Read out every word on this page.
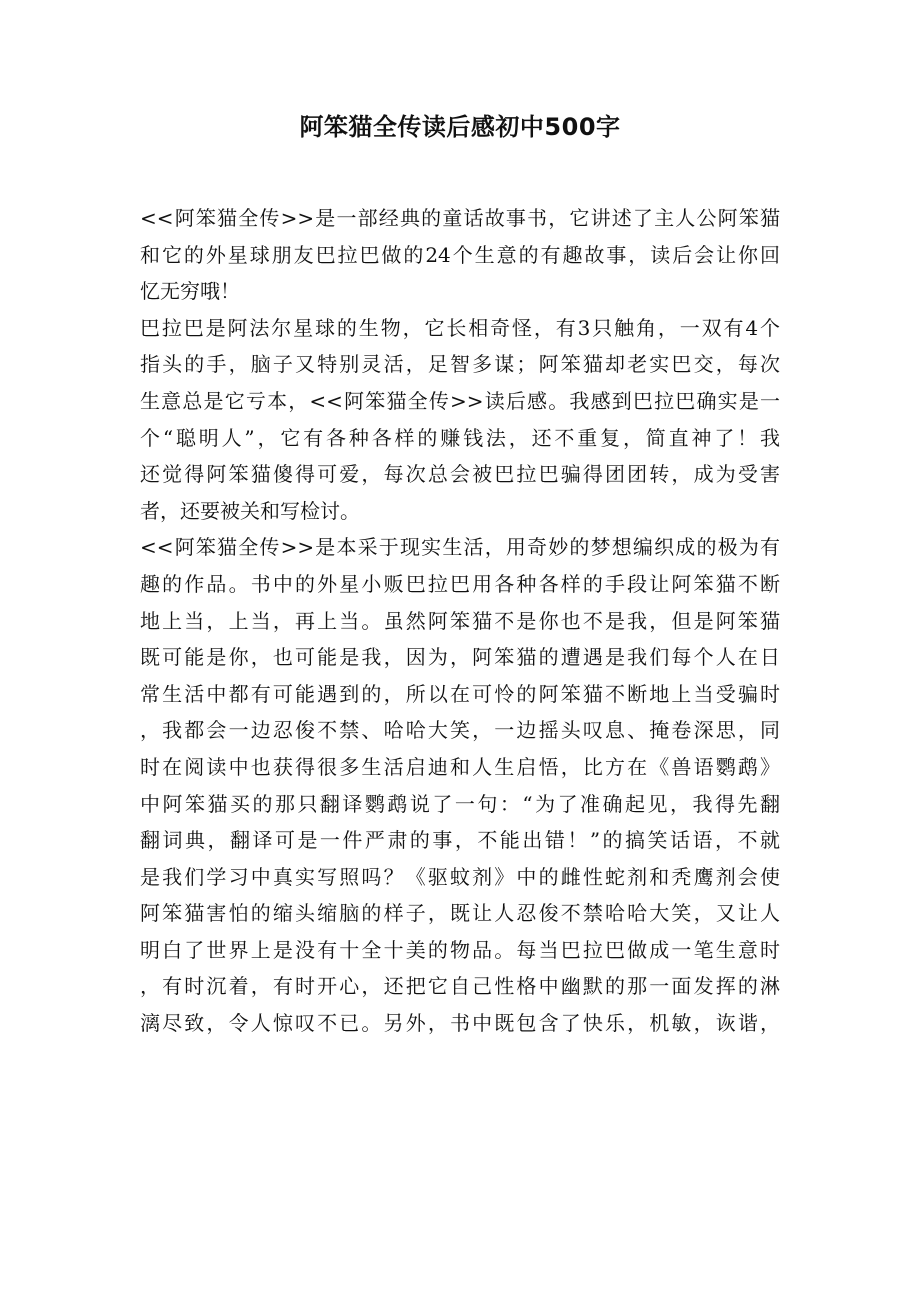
阿笨猫全传读后感初中500字
<<阿笨猫全传>>是一部经典的童话故事书，它讲述了主人公阿笨猫
和它的外星球朋友巴拉巴做的24个生意的有趣故事，读后会让你回
忆无穷哦！
巴拉巴是阿法尔星球的生物，它长相奇怪，有3只触角，一双有4个
指头的手，脑子又特别灵活，足智多谋；阿笨猫却老实巴交，每次
生意总是它亏本，<<阿笨猫全传>>读后感。我感到巴拉巴确实是一
个“聪明人”，它有各种各样的赚钱法，还不重复，简直神了！我
还觉得阿笨猫傻得可爱，每次总会被巴拉巴骗得团团转，成为受害
者，还要被关和写检讨。
<<阿笨猫全传>>是本采于现实生活，用奇妙的梦想编织成的极为有
趣的作品。书中的外星小贩巴拉巴用各种各样的手段让阿笨猫不断
地上当，上当，再上当。虽然阿笨猫不是你也不是我，但是阿笨猫
既可能是你，也可能是我，因为，阿笨猫的遭遇是我们每个人在日
常生活中都有可能遇到的，所以在可怜的阿笨猫不断地上当受骗时
，我都会一边忍俊不禁、哈哈大笑，一边摇头叹息、掩卷深思，同
时在阅读中也获得很多生活启迪和人生启悟，比方在《兽语鹦鹉》
中阿笨猫买的那只翻译鹦鹉说了一句：“为了准确起见，我得先翻
翻词典，翻译可是一件严肃的事，不能出错！”的搞笑话语，不就
是我们学习中真实写照吗？《驱蚊剂》中的雌性蛇剂和秃鹰剂会使
阿笨猫害怕的缩头缩脑的样子，既让人忍俊不禁哈哈大笑，又让人
明白了世界上是没有十全十美的物品。每当巴拉巴做成一笔生意时
，有时沉着，有时开心，还把它自己性格中幽默的那一面发挥的淋
漓尽致，令人惊叹不已。另外，书中既包含了快乐，机敏，诙谐，
